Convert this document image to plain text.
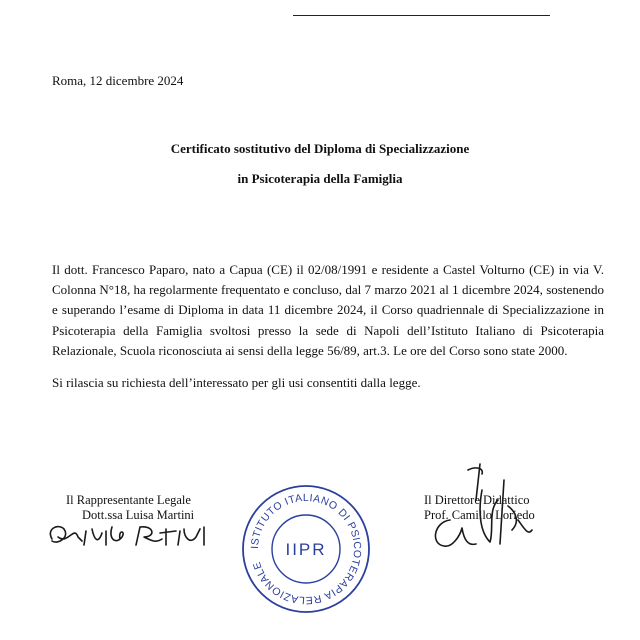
Roma, 12 dicembre 2024
Certificato sostitutivo del Diploma di Specializzazione
in Psicoterapia della Famiglia
Il dott. Francesco Paparo, nato a Capua (CE) il 02/08/1991 e residente a Castel Volturno (CE) in via V. Colonna N°18, ha regolarmente frequentato e concluso, dal 7 marzo 2021 al 1 dicembre 2024, sostenendo e superando l’esame di Diploma in data 11 dicembre 2024, il Corso quadriennale di Specializzazione in Psicoterapia della Famiglia svoltosi presso la sede di Napoli dell’Istituto Italiano di Psicoterapia Relazionale, Scuola riconosciuta ai sensi della legge 56/89, art.3. Le ore del Corso sono state 2000.
Si rilascia su richiesta dell’interessato per gli usi consentiti dalla legge.
Il Rappresentante Legale
Dott.ssa Luisa Martini
Il Direttore Didattico
Prof. Camillo Loriedo
ISTITUTO ITALIANO DI PSICOTERAPIA RELAZIONALE
IIPR
